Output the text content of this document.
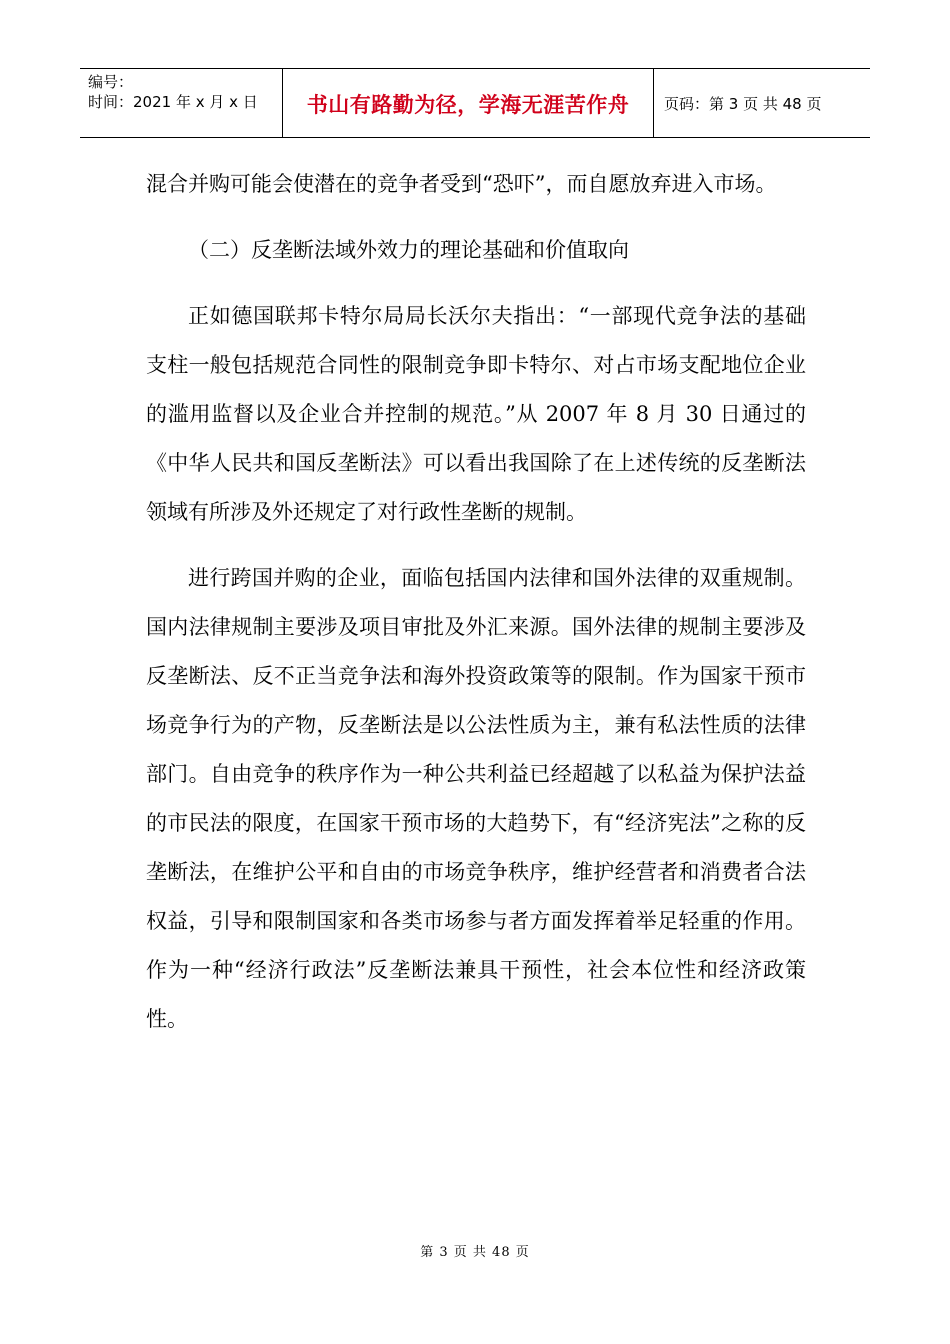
编号：
时间：2021 年 x 月 x 日	书山有路勤为径，学海无涯苦作舟 页码：第 3 页 共 48 页

混合并购可能会使潜在的竞争者受到“恐吓”，而自愿放弃进入市场。

（二）反垄断法域外效力的理论基础和价值取向

正如德国联邦卡特尔局局长沃尔夫指出：“一部现代竞争法的基础支柱一般包括规范合同性的限制竞争即卡特尔、对占市场支配地位企业的滥用监督以及企业合并控制的规范。”从 2007 年 8 月 30 日通过的《中华人民共和国反垄断法》可以看出我国除了在上述传统的反垄断法领域有所涉及外还规定了对行政性垄断的规制。

进行跨国并购的企业，面临包括国内法律和国外法律的双重规制。国内法律规制主要涉及项目审批及外汇来源。国外法律的规制主要涉及反垄断法、反不正当竞争法和海外投资政策等的限制。作为国家干预市场竞争行为的产物，反垄断法是以公法性质为主，兼有私法性质的法律部门。自由竞争的秩序作为一种公共利益已经超越了以私益为保护法益的市民法的限度，在国家干预市场的大趋势下，有“经济宪法”之称的反垄断法，在维护公平和自由的市场竞争秩序，维护经营者和消费者合法权益，引导和限制国家和各类市场参与者方面发挥着举足轻重的作用。作为一种“经济行政法”反垄断法兼具干预性，社会本位性和经济政策性。

第 3 页 共 48 页
